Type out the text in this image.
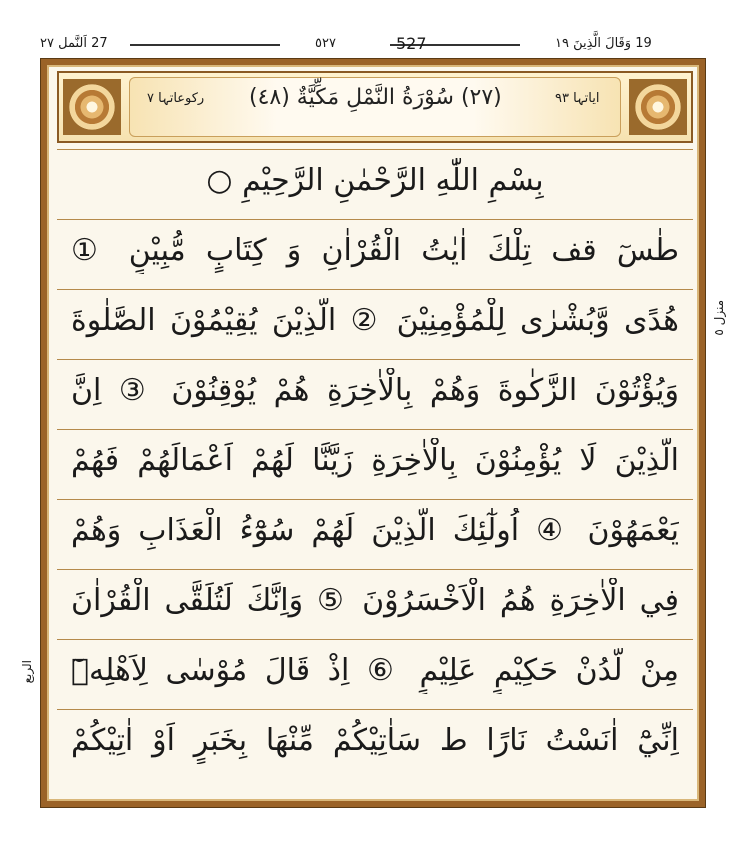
27 اَلنَّمل ٢٧	٥٢٧	527	19 وَقَالَ الَّذِينَ ١٩
رکوعاتہا ٧ (٢٧) سُوْرَةُ النَّمْلِ مَكِّيَّةٌ (٤٨)	ایاتہا ٩٣
بِسْمِ اللّٰهِ الرَّحْمٰنِ الرَّحِيْمِ ○
طٰسٓ قف تِلْكَ اٰيٰتُ الْقُرْاٰنِ وَ كِتَابٍ مُّبِيْنٍ ①
هُدًى وَّبُشْرٰى لِلْمُؤْمِنِيْنَ ② الَّذِيْنَ يُقِيْمُوْنَ الصَّلٰوةَ
وَيُؤْتُوْنَ الزَّكٰوةَ وَهُمْ بِالْاٰخِرَةِ هُمْ يُوْقِنُوْنَ ③ اِنَّ
الَّذِيْنَ لَا يُؤْمِنُوْنَ بِالْاٰخِرَةِ زَيَّنَّا لَهُمْ اَعْمَالَهُمْ فَهُمْ
يَعْمَهُوْنَ ④ اُولٰٓئِكَ الَّذِيْنَ لَهُمْ سُوْٓءُ الْعَذَابِ وَهُمْ
فِي الْاٰخِرَةِ هُمُ الْاَخْسَرُوْنَ ⑤ وَاِنَّكَ لَتُلَقَّى الْقُرْاٰنَ
مِنْ لَّدُنْ حَكِيْمٍ عَلِيْمٍ ⑥ اِذْ قَالَ مُوْسٰى لِاَهْلِهٖٓ
اِنِّيْٓ اٰنَسْتُ نَارًا ط سَاٰتِيْكُمْ مِّنْهَا بِخَبَرٍ اَوْ اٰتِيْكُمْ
منزل ٥
الربع
